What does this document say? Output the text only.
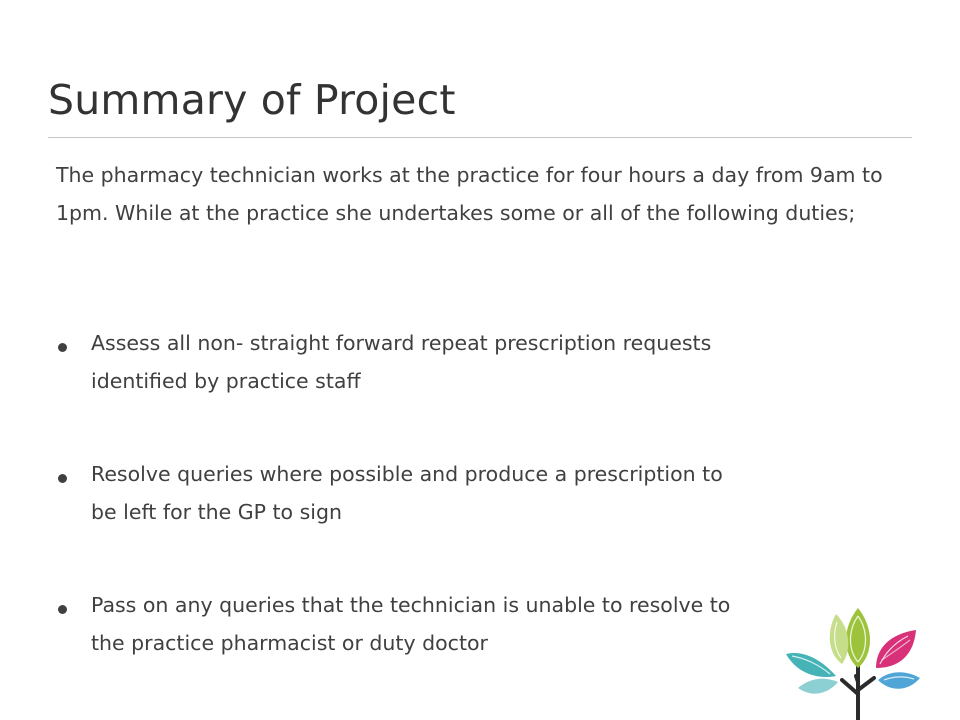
Summary of Project

The pharmacy technician works at the practice for four hours a day from 9am to 1pm. While at the practice she undertakes some or all of the following duties;

Assess all non- straight forward repeat prescription requests
identified by practice staff
Resolve queries where possible and produce a prescription to
be left for the GP to sign
Pass on any queries that the technician is unable to resolve to
the practice pharmacist or duty doctor
